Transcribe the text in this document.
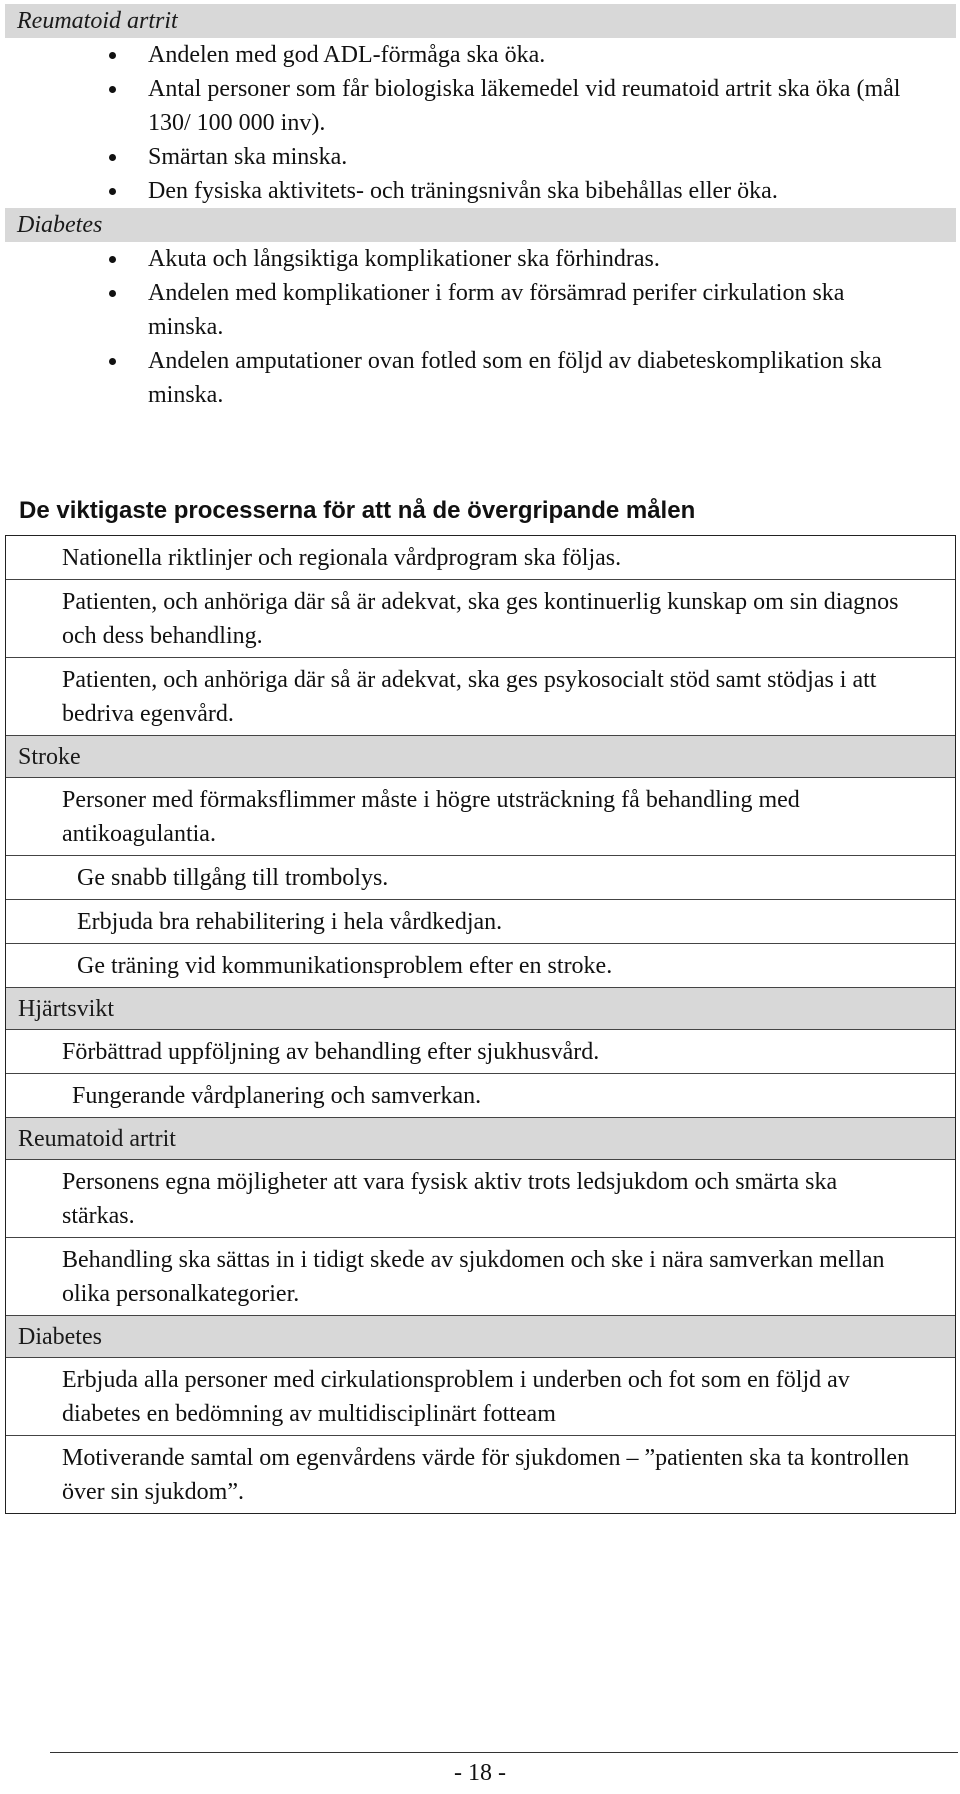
Reumatoid artrit
Andelen med god ADL-förmåga ska öka.
Antal personer som får biologiska läkemedel vid reumatoid artrit ska öka (mål 130/ 100 000 inv).
Smärtan ska minska.
Den fysiska aktivitets- och träningsnivån ska bibehållas eller öka.
Diabetes
Akuta och långsiktiga komplikationer ska förhindras.
Andelen med komplikationer i form av försämrad perifer cirkulation ska minska.
Andelen amputationer ovan fotled som en följd av diabeteskomplikation ska minska.
De viktigaste processerna för att nå de övergripande målen
Nationella riktlinjer och regionala vårdprogram ska följas.
Patienten, och anhöriga där så är adekvat, ska ges kontinuerlig kunskap om sin diagnos och dess behandling.
Patienten, och anhöriga där så är adekvat, ska ges psykosocialt stöd samt stödjas i att bedriva egenvård.
Stroke
Personer med förmaksflimmer måste i högre utsträckning få behandling med antikoagulantia.
Ge snabb tillgång till trombolys.
Erbjuda bra rehabilitering i hela vårdkedjan.
Ge träning vid kommunikationsproblem efter en stroke.
Hjärtsvikt
Förbättrad uppföljning av behandling efter sjukhusvård.
Fungerande vårdplanering och samverkan.
Reumatoid artrit
Personens egna möjligheter att vara fysisk aktiv trots ledsjukdom och smärta ska stärkas.
Behandling ska sättas in i tidigt skede av sjukdomen och ske i nära samverkan mellan olika personalkategorier.
Diabetes
Erbjuda alla personer med cirkulationsproblem i underben och fot som en följd av diabetes en bedömning av multidisciplinärt fotteam
Motiverande samtal om egenvårdens värde för sjukdomen – ”patienten ska ta kontrollen över sin sjukdom”.
- 18 -
